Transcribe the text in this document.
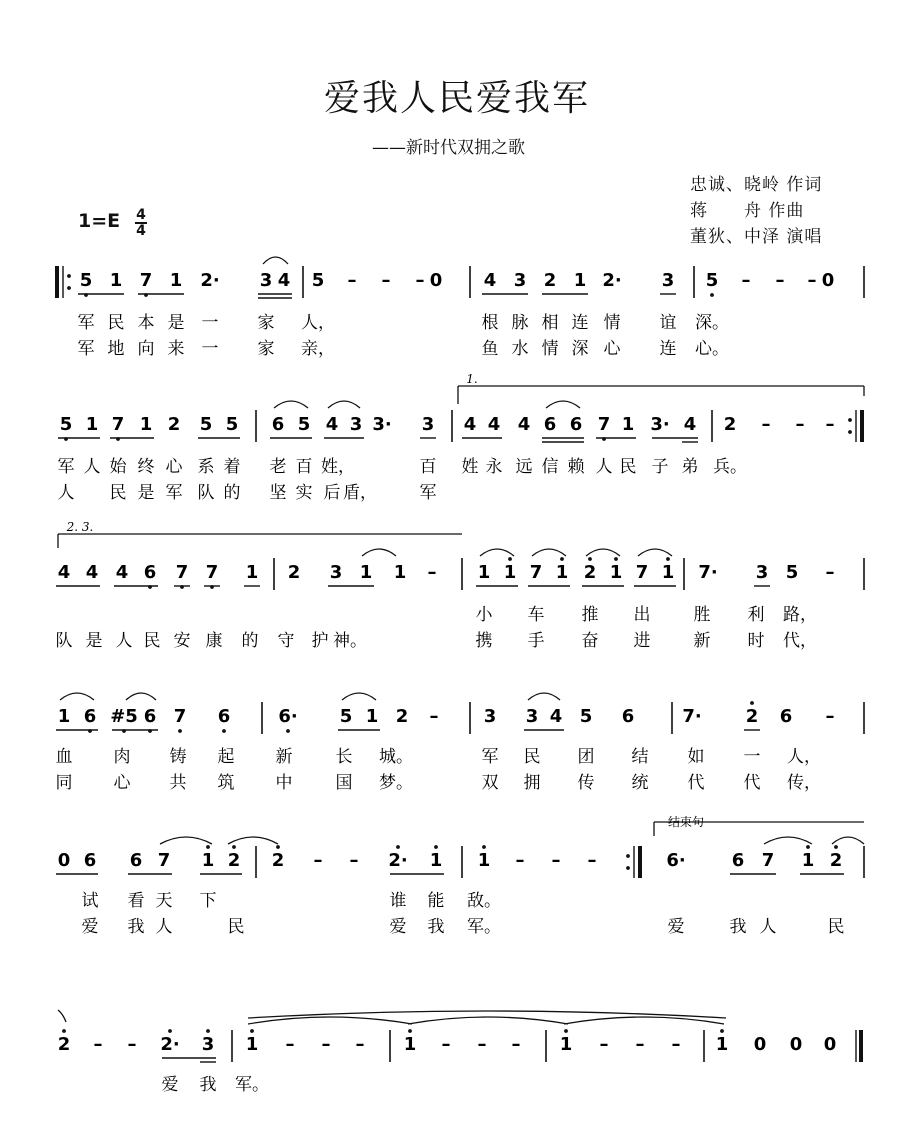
爱我人民爱我军
——新时代双拥之歌
忠诚、晓岭 作词
蒋　　舟 作曲
董狄、中泽 演唱
1=E 4
4
5 1 7 1 2· 3 4 5 – – – 0 4 3 2 1 2· 3 5 – – – 0
军 民 本 是 一 家 人，	根 脉 相 连 情 谊 深。
军 地 向 来 一 家 亲，	鱼 水 情 深 心 连 心。
5 1 7 1 2 5 5 6 5 4 3 3· 3
1.
4 4 4 6 6 7 1 3· 4 2 – – –
军 人 始 终 心 系 着 老 百 姓，	百 姓 永 远 信 赖 人 民 子 弟 兵。
人 民 是 军 队 的 坚 实 后 盾，	军
2. 3.
4 4 4 6 7 7 1 2 3 1 1 – 1 1 7 1 2 1 7 1 7· 3 5 –
小 车 推 出	胜 利 路，
队 是 人 民 安 康 的 守 护 神。	携 手 奋 进	新 时 代，
1 6 #5 6 7 6	6· 5 1 2 –	3 3 4 5 6	7· 2 6 –
血 肉 铸 起 新	长 城。	军 民 团 结 如 一 人，
同 心 共 筑 中	国 梦。	双 拥 传 统 代 代 传，
0 6 6 7 1 2 2 – – 2· 1 1 – – –
结束句
6·	6 7 1 2
试 看 天 下	谁 能 敌。
爱 我 人	民	爱 我 军。	爱	我 人	民
2 – – 2· 3 1 – – – 1 – – – 1 – – – 1 0 0 0
爱 我 军。
